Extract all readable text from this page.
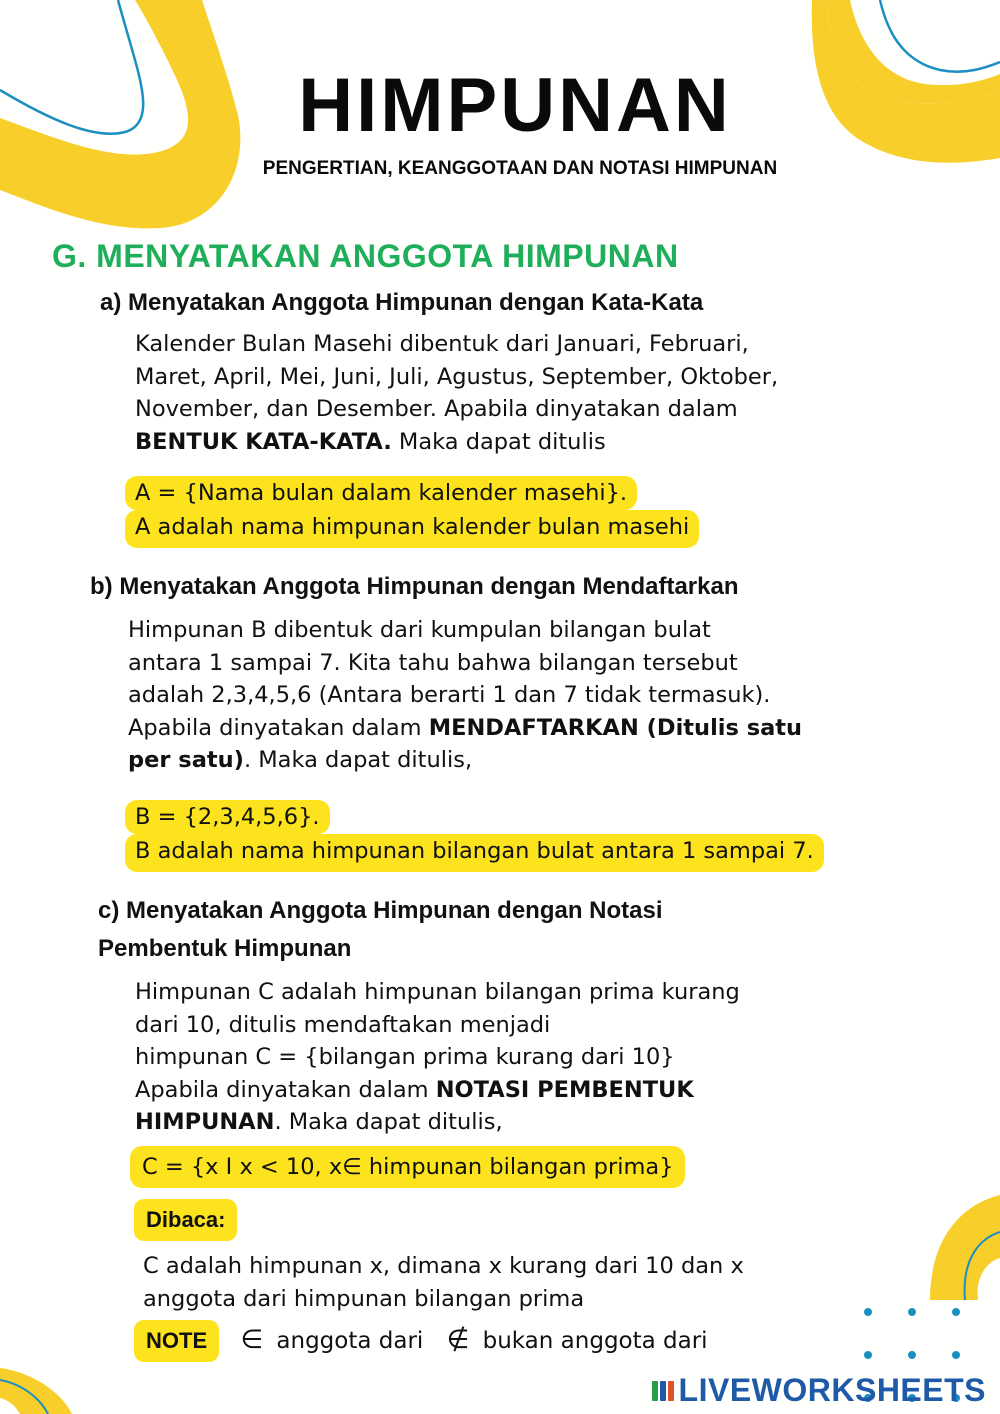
HIMPUNAN
PENGERTIAN, KEANGGOTAAN DAN NOTASI HIMPUNAN
G. MENYATAKAN ANGGOTA HIMPUNAN
a) Menyatakan Anggota Himpunan dengan Kata-Kata
Kalender Bulan Masehi dibentuk dari Januari, Februari,
Maret, April, Mei, Juni, Juli, Agustus, September, Oktober,
November, dan Desember. Apabila dinyatakan dalam
BENTUK KATA-KATA. Maka dapat ditulis
A = {Nama bulan dalam kalender masehi}.
A adalah nama himpunan kalender bulan masehi
b) Menyatakan Anggota Himpunan dengan Mendaftarkan
Himpunan B dibentuk dari kumpulan bilangan bulat
antara 1 sampai 7. Kita tahu bahwa bilangan tersebut
adalah 2,3,4,5,6 (Antara berarti 1 dan 7 tidak termasuk).
Apabila dinyatakan dalam MENDAFTARKAN (Ditulis satu
per satu). Maka dapat ditulis,
B = {2,3,4,5,6}.
B adalah nama himpunan bilangan bulat antara 1 sampai 7.
c) Menyatakan Anggota Himpunan dengan Notasi
Pembentuk Himpunan
Himpunan C adalah himpunan bilangan prima kurang
dari 10, ditulis mendaftakan menjadi
himpunan C = {bilangan prima kurang dari 10}
Apabila dinyatakan dalam NOTASI PEMBENTUK
HIMPUNAN. Maka dapat ditulis,
C = {x I x < 10, x∈ himpunan bilangan prima}
Dibaca:
C adalah himpunan x, dimana x kurang dari 10 dan x
anggota dari himpunan bilangan prima
NOTE ∈ anggota dari ∉ bukan anggota dari
LIVEWORKSHEETS
